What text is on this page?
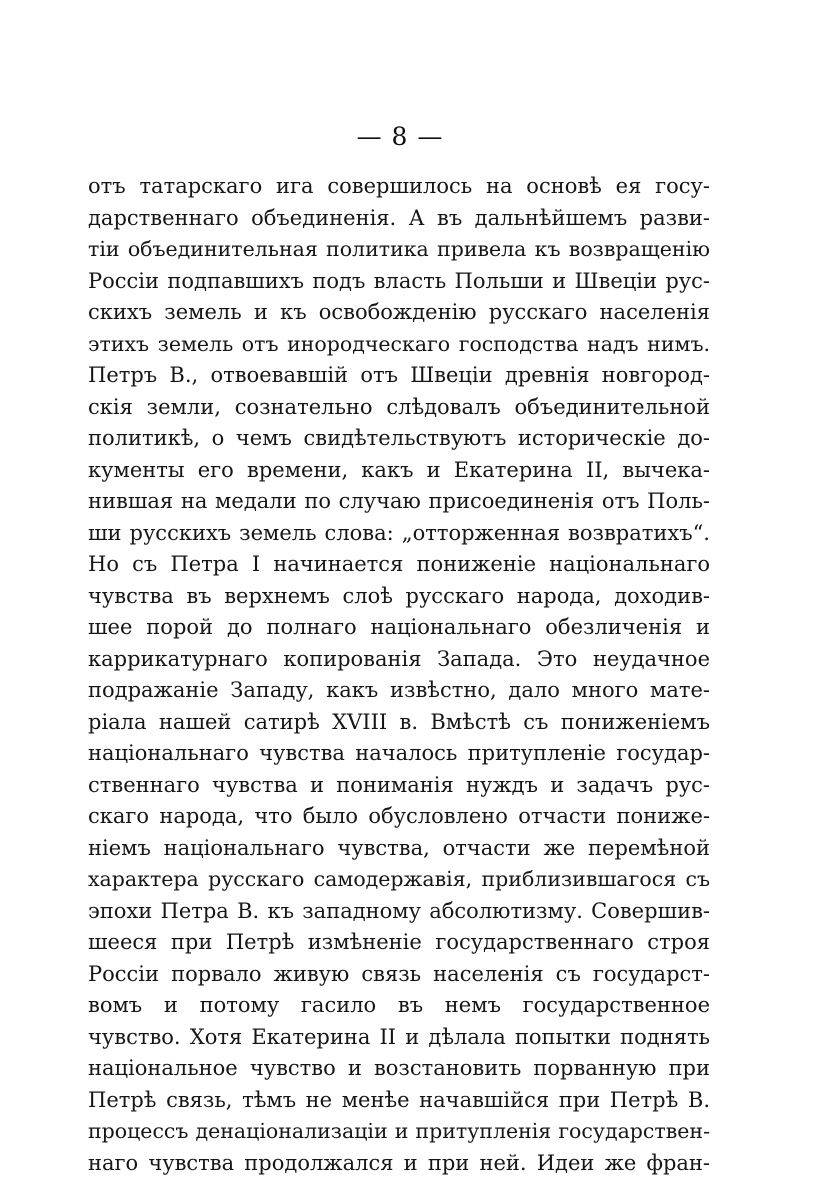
— 8 —
отъ татарскаго ига совершилось на основѣ ея госу-
дарственнаго объединенія. А въ дальнѣйшемъ разви-
тіи объединительная политика привела къ возвращенію
Россіи подпавшихъ подъ власть Польши и Швеціи рус-
скихъ земель и къ освобожденію русскаго населенія
этихъ земель отъ инородческаго господства надъ нимъ.
Петръ В., отвоевавшій отъ Швеціи древнія новгород-
скія земли, сознательно слѣдовалъ объединительной
политикѣ, о чемъ свидѣтельствуютъ историческіе до-
кументы его времени, какъ и Екатерина II, вычека-
нившая на медали по случаю присоединенія отъ Поль-
ши русскихъ земель слова: „отторженная возвратихъ“.
Но съ Петра I начинается пониженіе національнаго
чувства въ верхнемъ слоѣ русскаго народа, доходив-
шее порой до полнаго національнаго обезличенія и
каррикатурнаго копированія Запада. Это неудачное
подражаніе Западу, какъ извѣстно, дало много мате-
ріала нашей сатирѣ XVIII в. Вмѣстѣ съ пониженіемъ
національнаго чувства началось притупленіе государ-
ственнаго чувства и пониманія нуждъ и задачъ рус-
скаго народа, что было обусловлено отчасти пониже-
ніемъ національнаго чувства, отчасти же перемѣной
характера русскаго самодержавія, приблизившагося съ
эпохи Петра В. къ западному абсолютизму. Совершив-
шееся при Петрѣ измѣненіе государственнаго строя
Россіи порвало живую связь населенія съ государст-
вомъ и потому гасило въ немъ государственное
чувство. Хотя Екатерина II и дѣлала попытки поднять
національное чувство и возстановить порванную при
Петрѣ связь, тѣмъ не менѣе начавшійся при Петрѣ В.
процессъ денаціонализаціи и притупленія государствен-
наго чувства продолжался и при ней. Идеи же фран-
